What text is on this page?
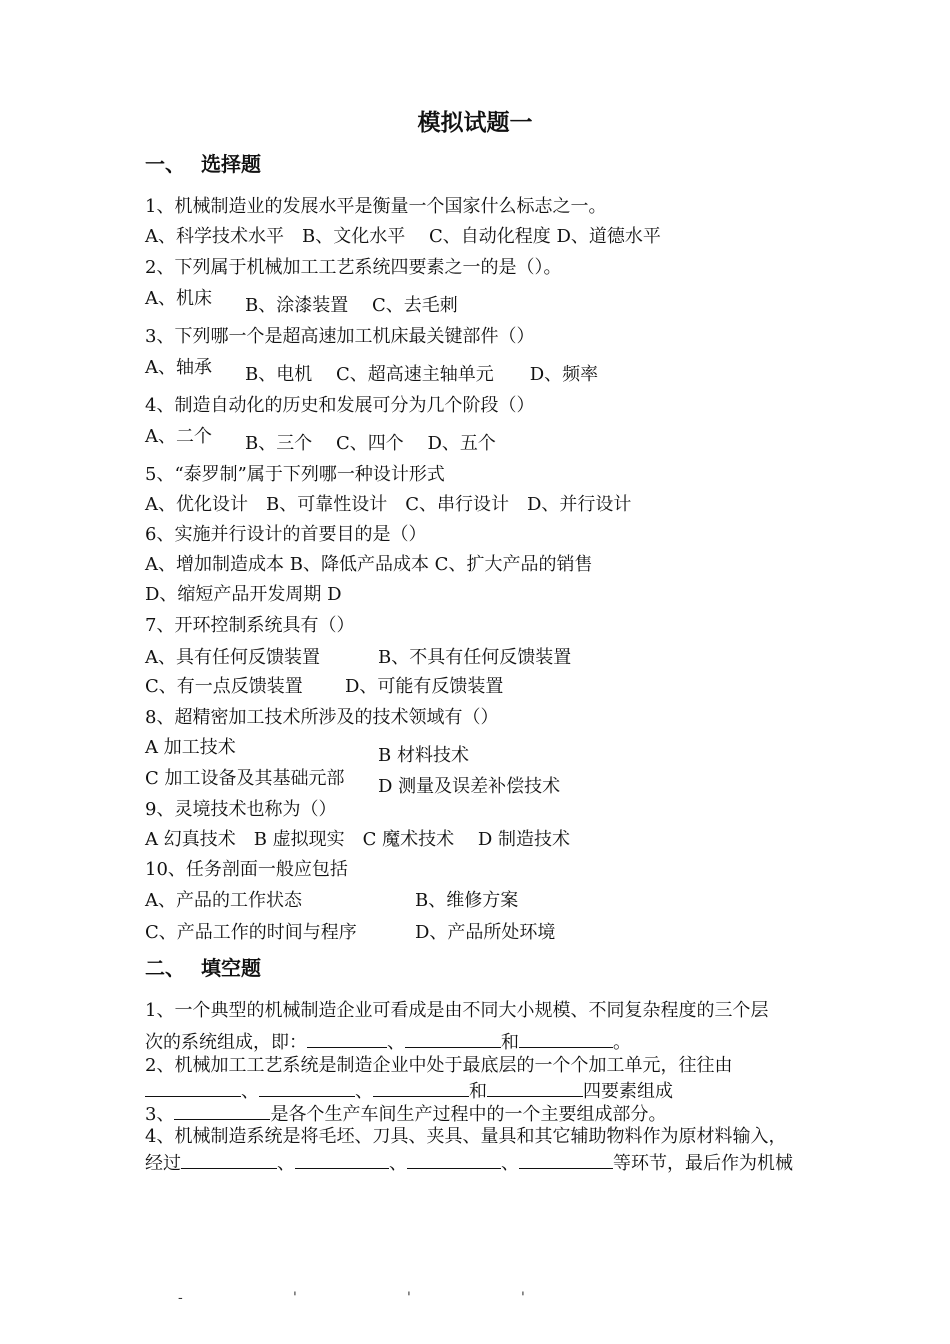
模拟试题一
一、 选择题
1、机械制造业的发展水平是衡量一个国家什么标志之一。
A、科学技术水平　B、文化水平　 C、自动化程度 D、道德水平
2、下列属于机械加工工艺系统四要素之一的是（）。
A、机床 B、涂漆装置　 C、去毛刺
3、下列哪一个是超高速加工机床最关键部件（）
A、轴承 B、电机　 C、超高速主轴单元　　D、频率
4、制造自动化的历史和发展可分为几个阶段（）
A、二个 B、三个　 C、四个　 D、五个
5、“泰罗制”属于下列哪一种设计形式
A、优化设计　B、可靠性设计　C、串行设计　D、并行设计
6、实施并行设计的首要目的是（）
A、增加制造成本 B、降低产品成本 C、扩大产品的销售
D、缩短产品开发周期 D
7、开环控制系统具有（）
A、具有任何反馈装置	B、不具有任何反馈装置
C、有一点反馈装置 D、可能有反馈装置
8、超精密加工技术所涉及的技术领域有（）
A 加工技术	B 材料技术
C 加工设备及其基础元部 D 测量及误差补偿技术
9、灵境技术也称为（）
A 幻真技术　B 虚拟现实　C 魔术技术　 D 制造技术
10、任务剖面一般应包括
A、产品的工作状态	B、维修方案
C、产品工作的时间与程序	D、产品所处环境
二、 填空题
1、一个典型的机械制造企业可看成是由不同大小规模、不同复杂程度的三个层
次的系统组成，即：	、	和	。
2、机械加工工艺系统是制造企业中处于最底层的一个个加工单元，往往由
、	、	和	四要素组成
3、	是各个生产车间生产过程中的一个主要组成部分。
4、机械制造系统是将毛坯、刀具、夹具、量具和其它辅助物料作为原材料输入，
经过	、	、	、	等环节，最后作为机械
-	'	'	'
